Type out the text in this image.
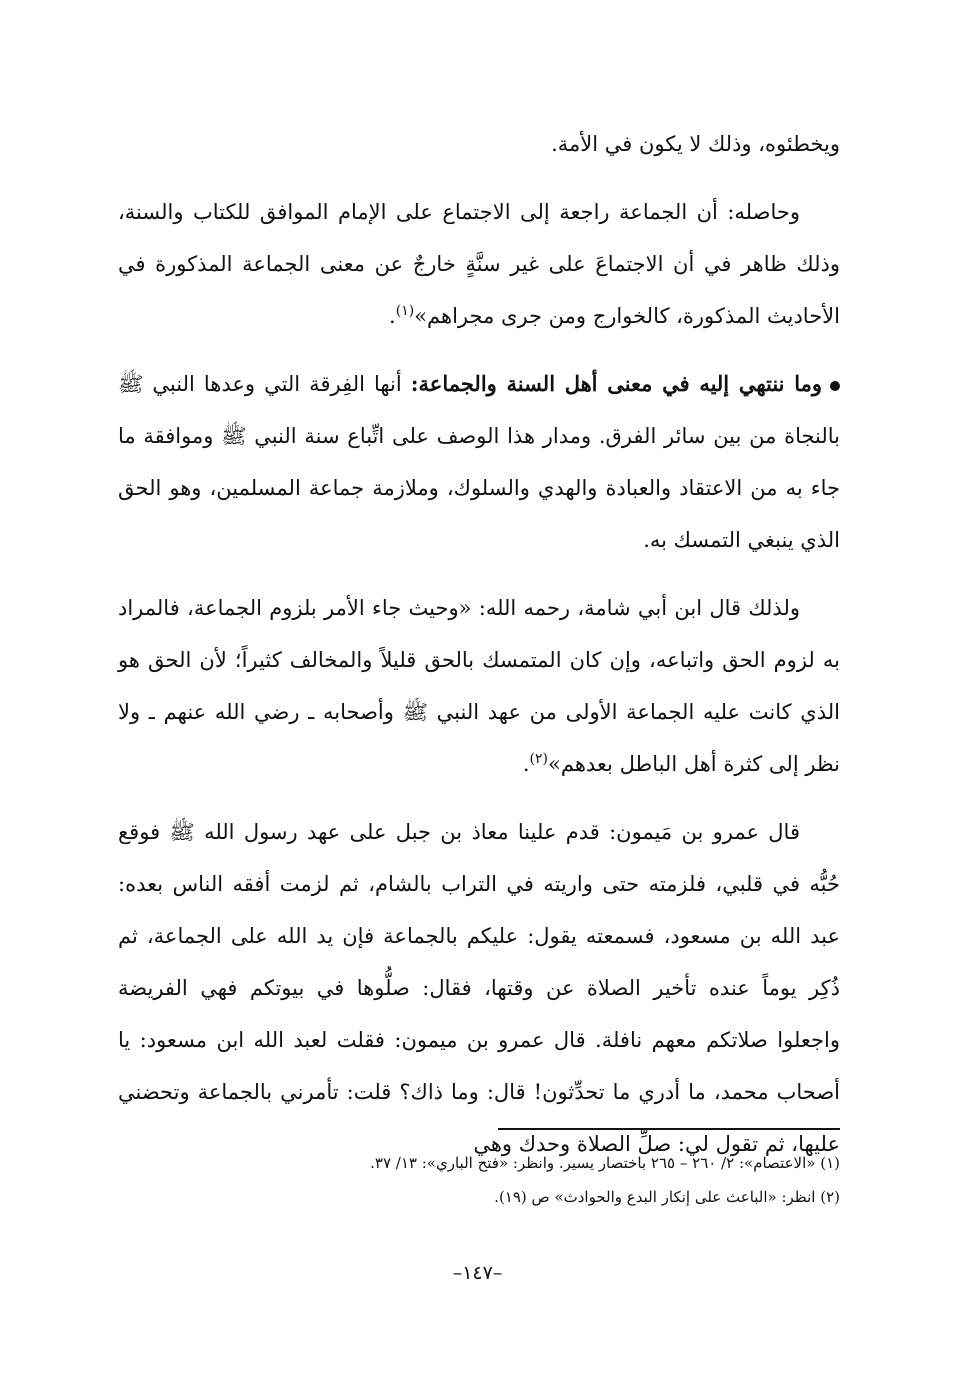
ويخطئوه، وذلك لا يكون في الأمة.

وحاصله: أن الجماعة راجعة إلى الاجتماع على الإمام الموافق للكتاب والسنة، وذلك ظاهر في أن الاجتماعَ على غير سنَّةٍ خارجٌ عن معنى الجماعة المذكورة في الأحاديث المذكورة، كالخوارج ومن جرى مجراهم»$^{(١)}$.

وما ننتهي إليه في معنى أهل السنة والجماعة: أنها الفِرقة التي وعدها النبي ﷺ بالنجاة من بين سائر الفرق. ومدار هذا الوصف على اتِّباع سنة النبي ﷺ وموافقة ما جاء به من الاعتقاد والعبادة والهدي والسلوك، وملازمة جماعة المسلمين، وهو الحق الذي ينبغي التمسك به.

ولذلك قال ابن أبي شامة، رحمه الله: «وحيث جاء الأمر بلزوم الجماعة، فالمراد به لزوم الحق واتباعه، وإن كان المتمسك بالحق قليلاً والمخالف كثيراً؛ لأن الحق هو الذي كانت عليه الجماعة الأولى من عهد النبي ﷺ وأصحابه ـ رضي الله عنهم ـ ولا نظر إلى كثرة أهل الباطل بعدهم»$^{(٢)}$.

قال عمرو بن مَيمون: قدم علينا معاذ بن جبل على عهد رسول الله ﷺ فوقع حُبُّه في قلبي، فلزمته حتى واريته في التراب بالشام، ثم لزمت أفقه الناس بعده: عبد الله بن مسعود، فسمعته يقول: عليكم بالجماعة فإن يد الله على الجماعة، ثم ذُكِر يوماً عنده تأخير الصلاة عن وقتها، فقال: صلُّوها في بيوتكم فهي الفريضة واجعلوا صلاتكم معهم نافلة. قال عمرو بن ميمون: فقلت لعبد الله ابن مسعود: يا أصحاب محمد، ما أدري ما تحدِّثون! قال: وما ذاك؟ قلت: تأمرني بالجماعة وتحضني عليها، ثم تقول لي: صلِّ الصلاة وحدك وهي

(١) «الاعتصام»: ٢/ ٢٦٠ – ٢٦٥ باختصار يسير. وانظر: «فتح الباري»: ١٣/ ٣٧.

(٢) انظر: «الباعث على إنكار البدع والحوادث» ص (١٩).

–١٤٧–
